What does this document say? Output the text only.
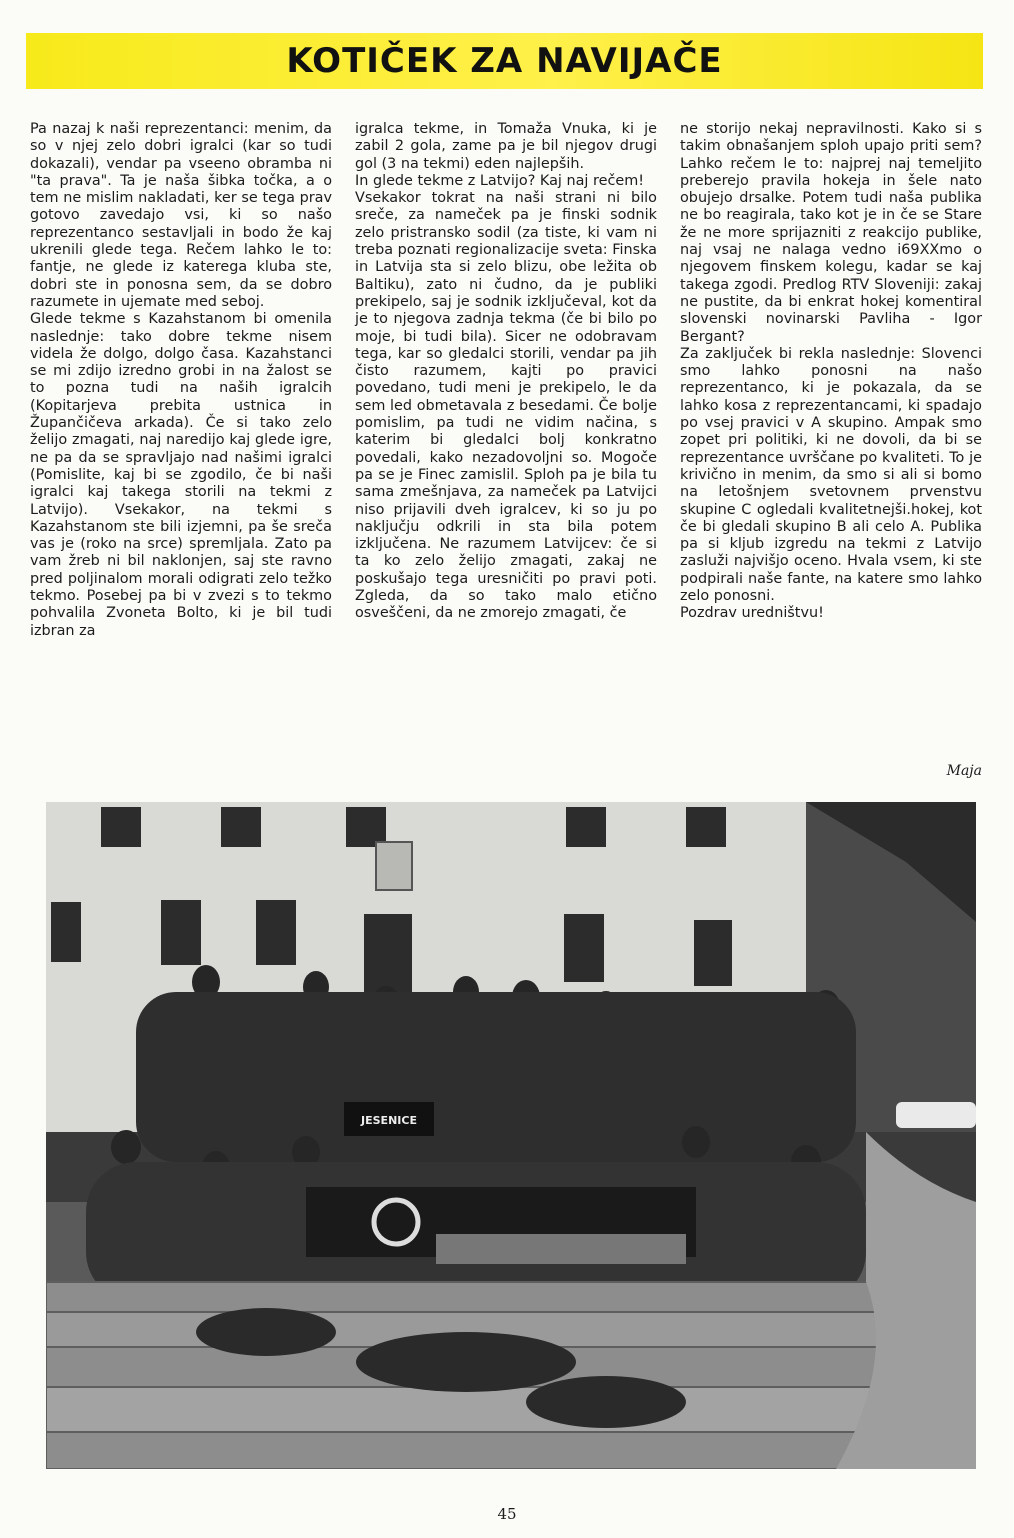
KOTIČEK ZA NAVIJAČE

Pa nazaj k naši reprezentanci: menim, da so v njej zelo dobri igralci (kar so tudi dokazali), vendar pa vseeno obramba ni "ta prava". Ta je naša šibka točka, a o tem ne mislim nakladati, ker se tega prav gotovo zavedajo vsi, ki so našo reprezentanco sestavljali in bodo že kaj ukrenili glede tega. Rečem lahko le to: fantje, ne glede iz katerega kluba ste, dobri ste in ponosna sem, da se dobro razumete in ujemate med seboj.

Glede tekme s Kazahstanom bi omenila naslednje: tako dobre tekme nisem videla že dolgo, dolgo časa. Kazahstanci se mi zdijo izredno grobi in na žalost se to pozna tudi na naših igralcih (Kopitarjeva prebita ustnica in Župančičeva arkada). Če si tako zelo želijo zmagati, naj naredijo kaj glede igre, ne pa da se spravljajo nad našimi igralci (Pomislite, kaj bi se zgodilo, če bi naši igralci kaj takega storili na tekmi z Latvijo). Vsekakor, na tekmi s Kazahstanom ste bili izjemni, pa še sreča vas je (roko na srce) spremljala. Zato pa vam žreb ni bil naklonjen, saj ste ravno pred poljinalom morali odigrati zelo težko tekmo. Posebej pa bi v zvezi s to tekmo pohvalila Zvoneta Bolto, ki je bil tudi izbran za

igralca tekme, in Tomaža Vnuka, ki je zabil 2 gola, zame pa je bil njegov drugi gol (3 na tekmi) eden najlepših.

In glede tekme z Latvijo? Kaj naj rečem!

Vsekakor tokrat na naši strani ni bilo sreče, za nameček pa je finski sodnik zelo pristransko sodil (za tiste, ki vam ni treba poznati regionalizacije sveta: Finska in Latvija sta si zelo blizu, obe ležita ob Baltiku), zato ni čudno, da je publiki prekipelo, saj je sodnik izključeval, kot da je to njegova zadnja tekma (če bi bilo po moje, bi tudi bila). Sicer ne odobravam tega, kar so gledalci storili, vendar pa jih čisto razumem, kajti po pravici povedano, tudi meni je prekipelo, le da sem led obmetavala z besedami. Če bolje pomislim, pa tudi ne vidim načina, s katerim bi gledalci bolj konkratno povedali, kako nezadovoljni so. Mogoče pa se je Finec zamislil. Sploh pa je bila tu sama zmešnjava, za nameček pa Latvijci niso prijavili dveh igralcev, ki so ju po naključju odkrili in sta bila potem izključena. Ne razumem Latvijcev: če si ta ko zelo želijo zmagati, zakaj ne poskušajo tega uresničiti po pravi poti. Zgleda, da so tako malo etično osveščeni, da ne zmorejo zmagati, če

ne storijo nekaj nepravilnosti. Kako si s takim obnašanjem sploh upajo priti sem? Lahko rečem le to: najprej naj temeljito preberejo pravila hokeja in šele nato obujejo drsalke. Potem tudi naša publika ne bo reagirala, tako kot je in če se Stare že ne more sprijazniti z reakcijo publike, naj vsaj ne nalaga vedno i69XXmo o njegovem finskem kolegu, kadar se kaj takega zgodi. Predlog RTV Sloveniji: zakaj ne pustite, da bi enkrat hokej komentiral slovenski novinarski Pavliha - Igor Bergant?

Za zaključek bi rekla naslednje: Slovenci smo lahko ponosni na našo reprezentanco, ki je pokazala, da se lahko kosa z reprezentancami, ki spadajo po vsej pravici v A skupino. Ampak smo zopet pri politiki, ki ne dovoli, da bi se reprezentance uvrščane po kvaliteti. To je krivično in menim, da smo si ali si bomo na letošnjem svetovnem prvenstvu skupine C ogledali kvalitetnejši.hokej, kot če bi gledali skupino B ali celo A. Publika pa si kljub izgredu na tekmi z Latvijo zasluži najvišjo oceno. Hvala vsem, ki ste podpirali naše fante, na katere smo lahko zelo ponosni.

Pozdrav uredništvu!

Maja
JESENICE
45
